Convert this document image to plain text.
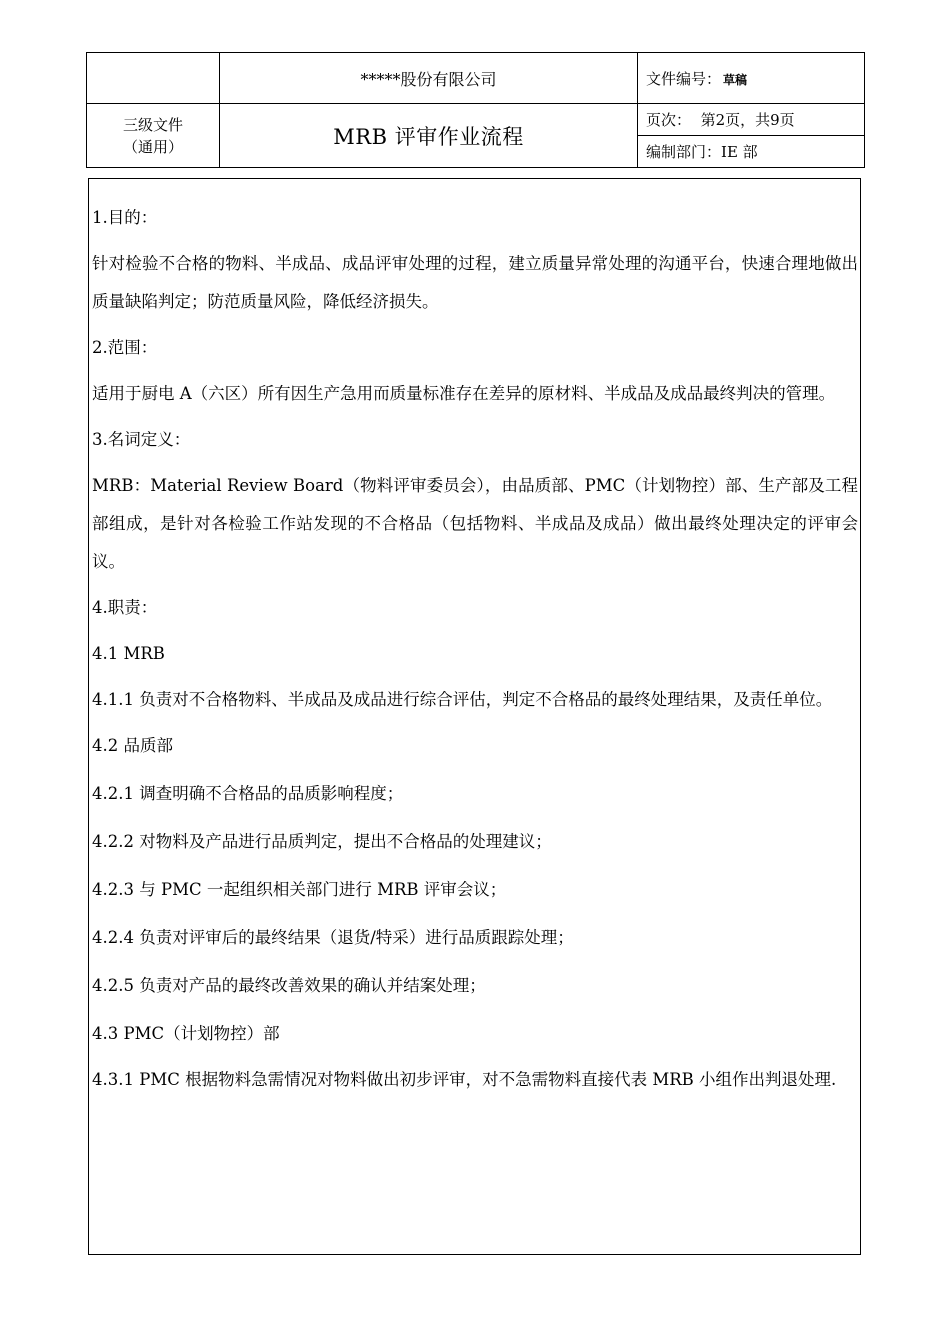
	*****股份有限公司	文件编号： 草稿

三级文件
（通用）	MRB 评审作业流程	页次： 第2页，共9页
		编制部门：IE 部

1.目的：

针对检验不合格的物料、半成品、成品评审处理的过程，建立质量异常处理的沟通平台，快速合理地做出质量缺陷判定；防范质量风险，降低经济损失。

2.范围：

适用于厨电 A（六区）所有因生产急用而质量标准存在差异的原材料、半成品及成品最终判决的管理。

3.名词定义：

MRB：Material Review Board（物料评审委员会），由品质部、PMC（计划物控）部、生产部及工程部组成，是针对各检验工作站发现的不合格品（包括物料、半成品及成品）做出最终处理决定的评审会议。

4.职责：

4.1 MRB

4.1.1 负责对不合格物料、半成品及成品进行综合评估，判定不合格品的最终处理结果，及责任单位。

4.2 品质部

4.2.1 调查明确不合格品的品质影响程度；

4.2.2 对物料及产品进行品质判定，提出不合格品的处理建议；

4.2.3 与 PMC 一起组织相关部门进行 MRB 评审会议；

4.2.4 负责对评审后的最终结果（退货/特采）进行品质跟踪处理；

4.2.5 负责对产品的最终改善效果的确认并结案处理；

4.3 PMC（计划物控）部

4.3.1 PMC 根据物料急需情况对物料做出初步评审，对不急需物料直接代表 MRB 小组作出判退处理.
